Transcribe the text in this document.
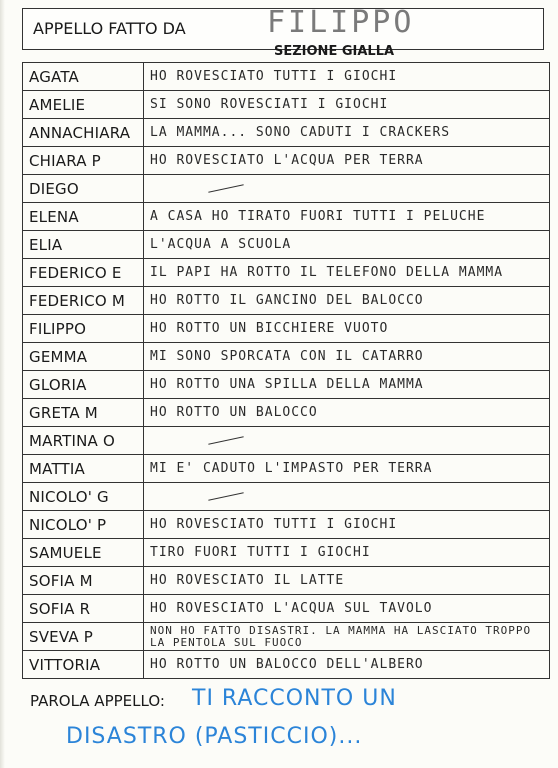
APPELLO FATTO DA	FILIPPO
SEZIONE GIALLA
AGATA	HO ROVESCIATO TUTTI I GIOCHI
AMELIE	SI SONO ROVESCIATI I GIOCHI
ANNACHIARA	LA MAMMA... SONO CADUTI I CRACKERS
CHIARA P	HO ROVESCIATO L'ACQUA PER TERRA
DIEGO	
ELENA	A CASA HO TIRATO FUORI TUTTI I PELUCHE
ELIA	L'ACQUA A SCUOLA
FEDERICO E	IL PAPI HA ROTTO IL TELEFONO DELLA MAMMA
FEDERICO M	HO ROTTO IL GANCINO DEL BALOCCO
FILIPPO	HO ROTTO UN BICCHIERE VUOTO
GEMMA	MI SONO SPORCATA CON IL CATARRO
GLORIA	HO ROTTO UNA SPILLA DELLA MAMMA
GRETA M	HO ROTTO UN BALOCCO
MARTINA O	
MATTIA	MI E' CADUTO L'IMPASTO PER TERRA
NICOLO' G	
NICOLO' P	HO ROVESCIATO TUTTI I GIOCHI
SAMUELE	TIRO FUORI TUTTI I GIOCHI
SOFIA M	HO ROVESCIATO IL LATTE
SOFIA R	HO ROVESCIATO L'ACQUA SUL TAVOLO
SVEVA P	NON HO FATTO DISASTRI. LA MAMMA HA LASCIATO TROPPO LA PENTOLA SUL FUOCO
VITTORIA	HO ROTTO UN BALOCCO DELL'ALBERO
PAROLA APPELLO: TI RACCONTO UN
DISASTRO (PASTICCIO)...
